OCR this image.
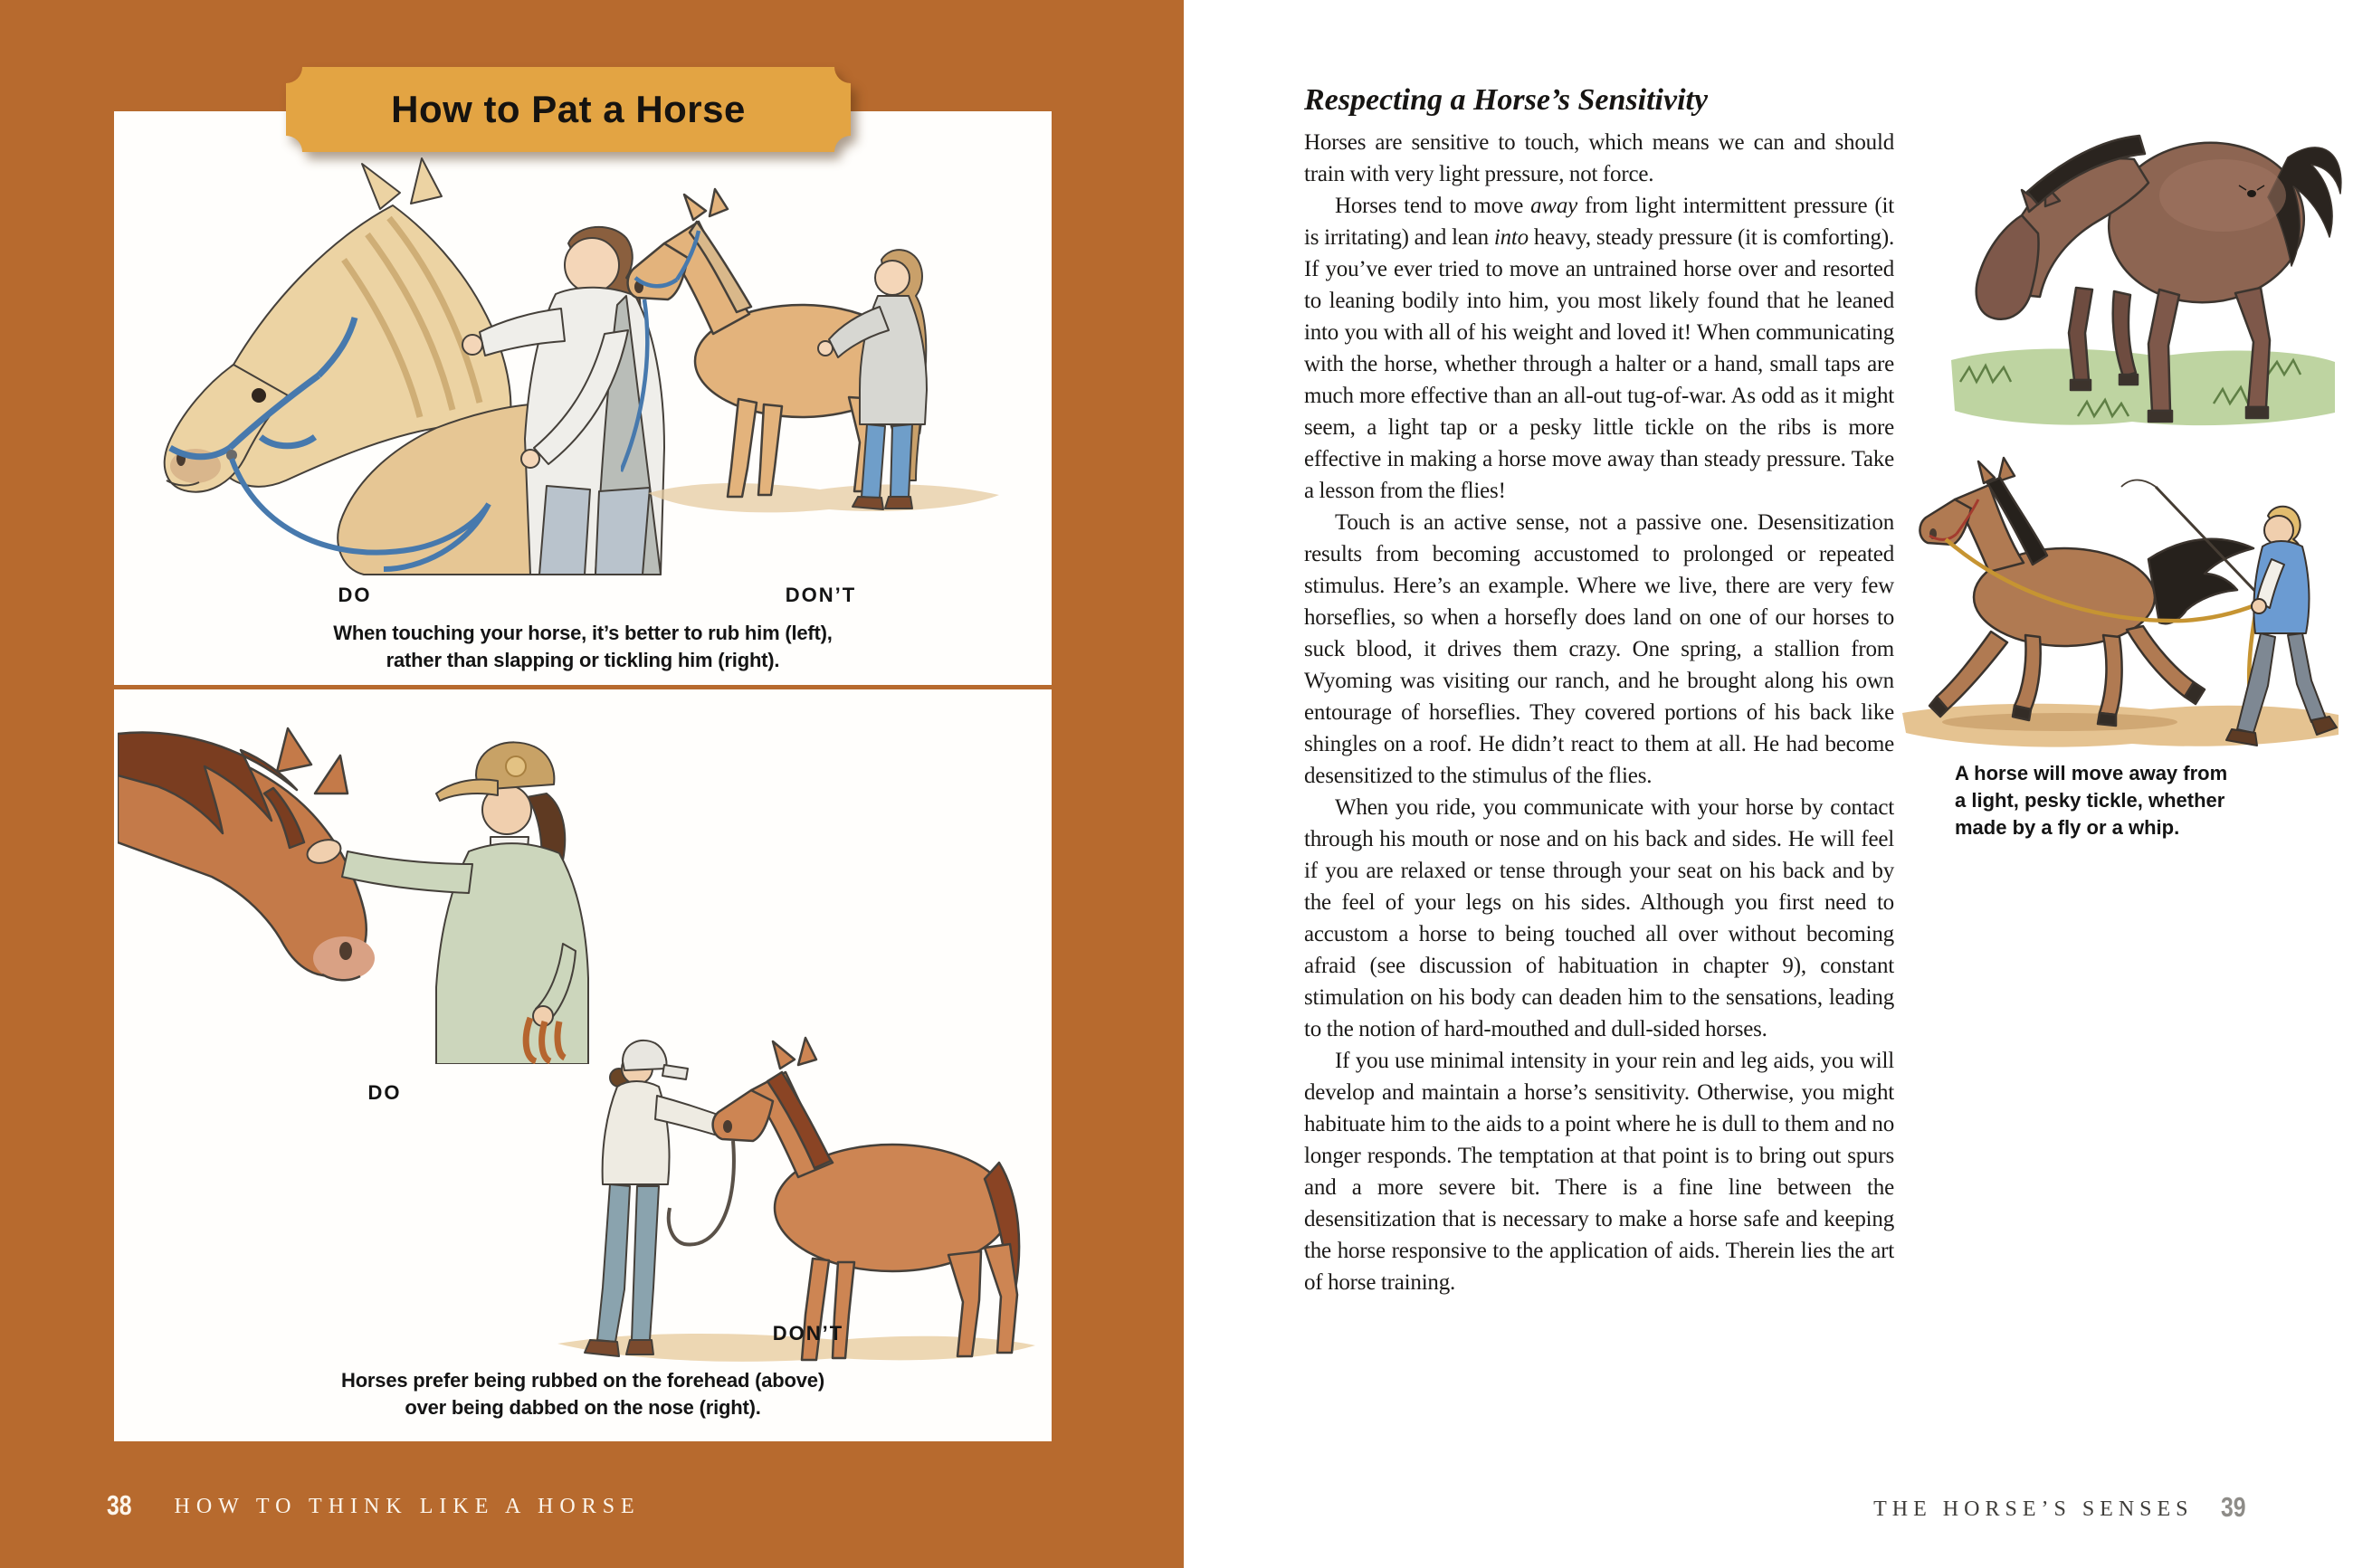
How to Pat a Horse
DO	DON’T
When touching your horse, it’s better to rub him (left),
rather than slapping or tickling him (right).
DO
DON’T
Horses prefer being rubbed on the forehead (above)
over being dabbed on the nose (right).
38 HOW TO THINK LIKE A HORSE
Respecting a Horse’s Sensitivity

Horses are sensitive to touch, which means we can and should train with very light pressure, not force.

Horses tend to move away from light intermittent pressure (it is irritating) and lean into heavy, steady pressure (it is comforting). If you’ve ever tried to move an untrained horse over and resorted to leaning bodily into him, you most likely found that he leaned into you with all of his weight and loved it! When communicating with the horse, whether through a halter or a hand, small taps are much more effective than an all-out tug-of-war. As odd as it might seem, a light tap or a pesky little tickle on the ribs is more effective in making a horse move away than steady pressure. Take a lesson from the flies!

Touch is an active sense, not a passive one. Desensitization results from becoming accustomed to prolonged or repeated stimulus. Here’s an example. Where we live, there are very few horseflies, so when a horsefly does land on one of our horses to suck blood, it drives them crazy. One spring, a stallion from Wyoming was visiting our ranch, and he brought along his own entourage of horseflies. They covered portions of his back like shingles on a roof. He didn’t react to them at all. He had become desensitized to the stimulus of the flies.

When you ride, you communicate with your horse by contact through his mouth or nose and on his back and sides. He will feel if you are relaxed or tense through your seat on his back and by the feel of your legs on his sides. Although you first need to accustom a horse to being touched all over without becoming afraid (see discussion of habituation in chapter 9), constant stimulation on his body can deaden him to the sensations, leading to the notion of hard-mouthed and dull-sided horses.

If you use minimal intensity in your rein and leg aids, you will develop and maintain a horse’s sensitivity. Otherwise, you might habituate him to the aids to a point where he is dull to them and no longer responds. The temptation at that point is to bring out spurs and a more severe bit. There is a fine line between the desensitization that is necessary to make a horse safe and keeping the horse responsive to the application of aids. Therein lies the art of horse training.

A horse will move away from a light, pesky tickle, whether made by a fly or a whip.
THE HORSE’S SENSES 39
